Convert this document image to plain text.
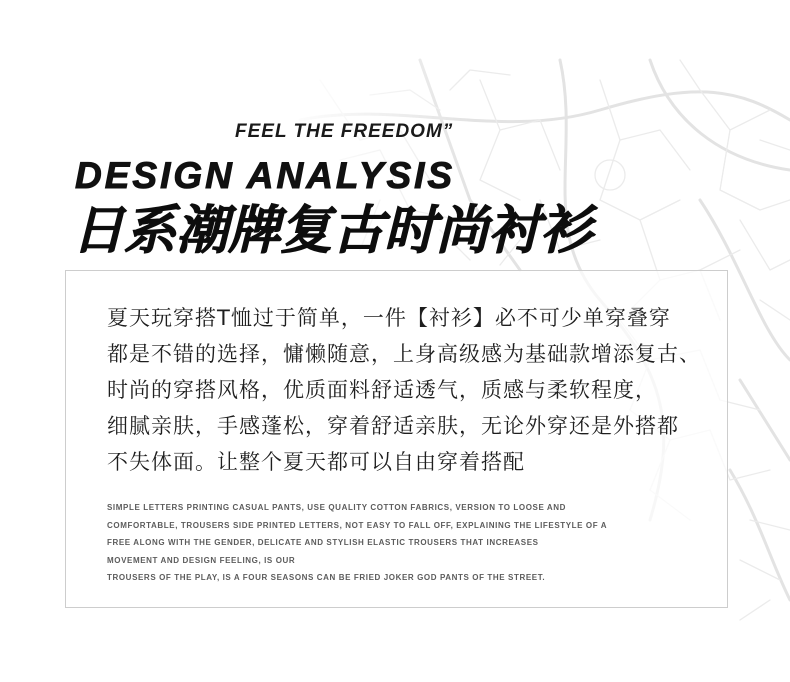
FEEL THE FREEDOM”
DESIGN ANALYSIS
日系潮牌复古时尚衬衫
夏天玩穿搭T恤过于简单，一件【衬衫】必不可少单穿叠穿
都是不错的选择，慵懒随意，上身高级感为基础款增添复古、
时尚的穿搭风格，优质面料舒适透气，质感与柔软程度，
细腻亲肤，手感蓬松，穿着舒适亲肤，无论外穿还是外搭都
不失体面。让整个夏天都可以自由穿着搭配
SIMPLE LETTERS PRINTING CASUAL PANTS, USE QUALITY COTTON FABRICS, VERSION TO LOOSE AND
COMFORTABLE, TROUSERS SIDE PRINTED LETTERS, NOT EASY TO FALL OFF, EXPLAINING THE LIFESTYLE OF A
FREE ALONG WITH THE GENDER, DELICATE AND STYLISH ELASTIC TROUSERS THAT INCREASES
MOVEMENT AND DESIGN FEELING, IS OUR
TROUSERS OF THE PLAY, IS A FOUR SEASONS CAN BE FRIED JOKER GOD PANTS OF THE STREET.
